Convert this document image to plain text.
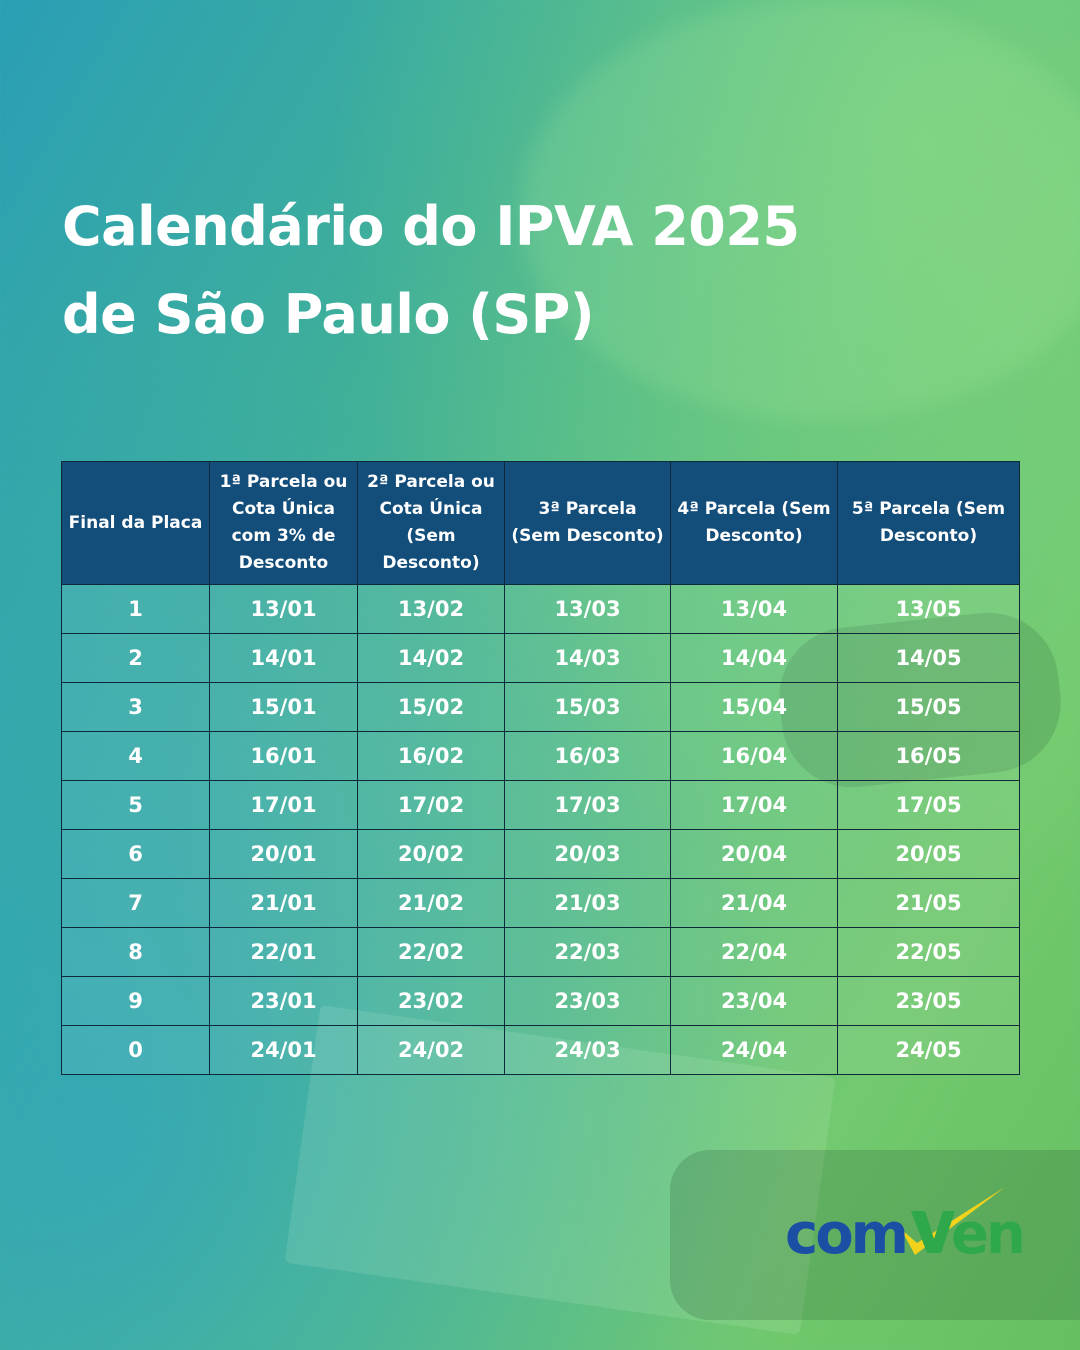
Calendário do IPVA 2025
de São Paulo (SP)
Final da Placa	1ª Parcela ou Cota Única com 3% de Desconto	2ª Parcela ou Cota Única (Sem Desconto)	3ª Parcela (Sem Desconto)	4ª Parcela (Sem Desconto)	5ª Parcela (Sem Desconto)
1	13/01	13/02	13/03	13/04	13/05
2	14/01	14/02	14/03	14/04	14/05
3	15/01	15/02	15/03	15/04	15/05
4	16/01	16/02	16/03	16/04	16/05
5	17/01	17/02	17/03	17/04	17/05
6	20/01	20/02	20/03	20/04	20/05
7	21/01	21/02	21/03	21/04	21/05
8	22/01	22/02	22/03	22/04	22/05
9	23/01	23/02	23/03	23/04	23/05
0	24/01	24/02	24/03	24/04	24/05
com en
